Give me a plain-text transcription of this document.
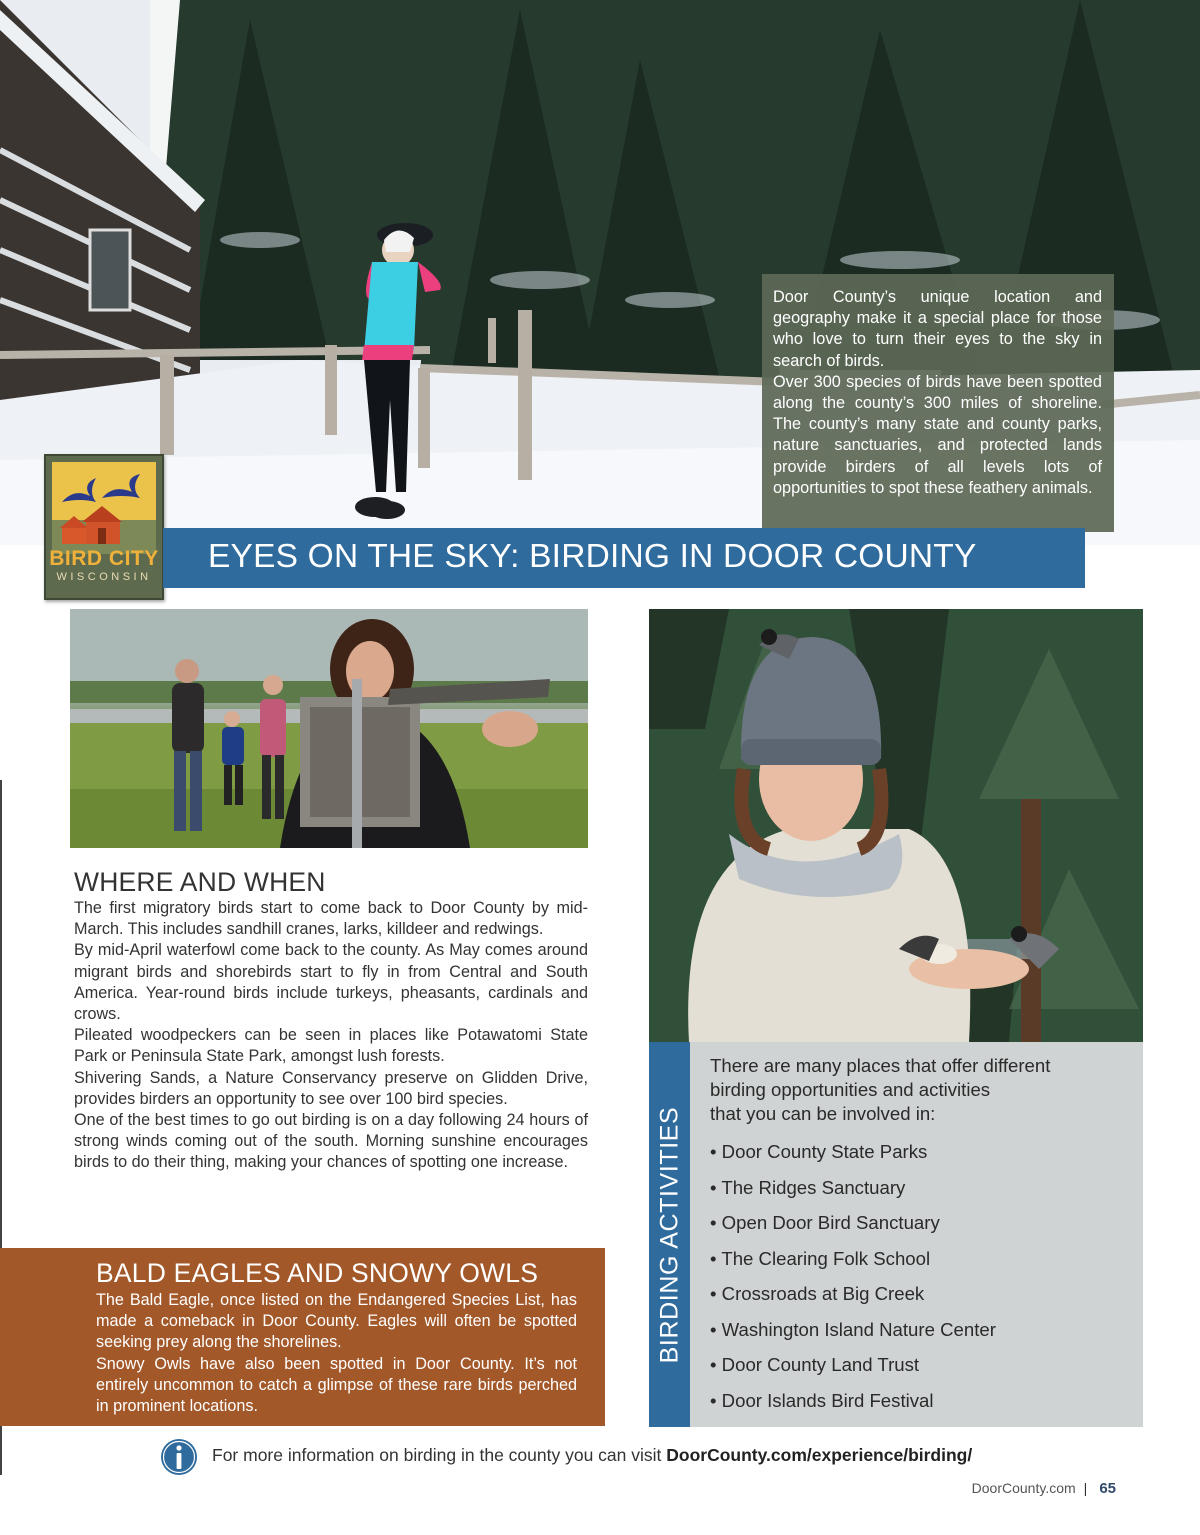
Door County’s unique location and geography make it a special place for those who love to turn their eyes to the sky in search of birds.

Over 300 species of birds have been spotted along the county’s 300 miles of shoreline. The county’s many state and county parks, nature sanctuaries, and protected lands provide birders of all levels lots of opportunities to spot these feathery animals.

BIRD CITY
WISCONSIN
EYES ON THE SKY: BIRDING IN DOOR COUNTY
WHERE AND WHEN

The first migratory birds start to come back to Door County by mid-March. This includes sandhill cranes, larks, killdeer and redwings.

By mid-April waterfowl come back to the county. As May comes around migrant birds and shorebirds start to fly in from Central and South America. Year-round birds include turkeys, pheasants, cardinals and crows.

Pileated woodpeckers can be seen in places like Potawatomi State Park or Peninsula State Park, amongst lush forests.

Shivering Sands, a Nature Conservancy preserve on Glidden Drive, provides birders an opportunity to see over 100 bird species.

One of the best times to go out birding is on a day following 24 hours of strong winds coming out of the south. Morning sunshine encourages birds to do their thing, making your chances of spotting one increase.

BALD EAGLES AND SNOWY OWLS

The Bald Eagle, once listed on the Endangered Species List, has made a comeback in Door County. Eagles will often be spotted seeking prey along the shorelines.

Snowy Owls have also been spotted in Door County. It’s not entirely uncommon to catch a glimpse of these rare birds perched in prominent locations.

BIRDING ACTIVITIES

There are many places that offer different
birding opportunities and activities
that you can be involved in:

• Door County State Parks
• The Ridges Sanctuary
• Open Door Bird Sanctuary
• The Clearing Folk School
• Crossroads at Big Creek
• Washington Island Nature Center
• Door County Land Trust
• Door Islands Bird Festival
For more information on birding in the county you can visit DoorCounty.com/experience/birding/
DoorCounty.com | 65
